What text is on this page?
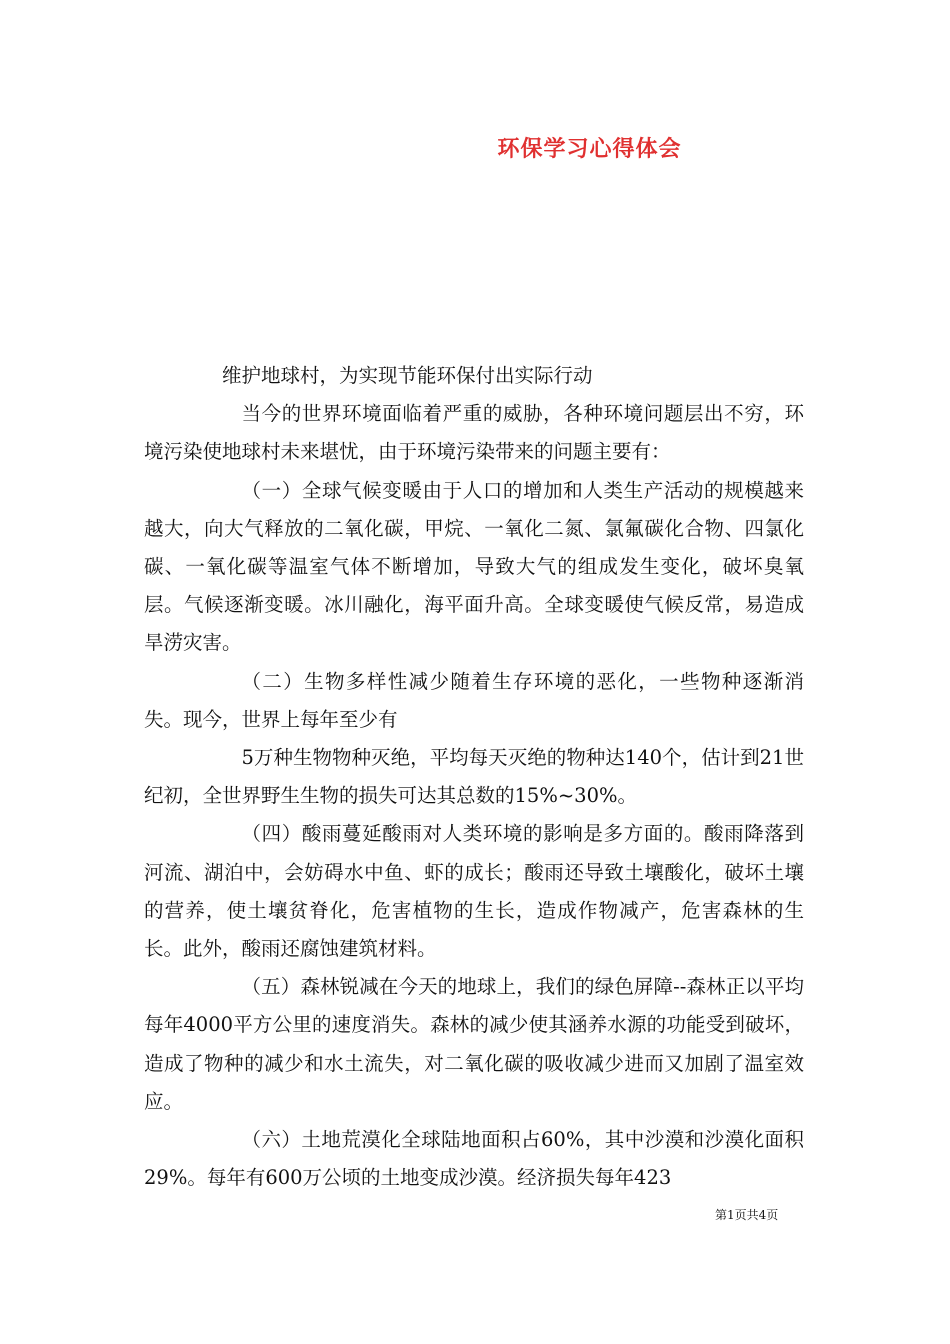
环保学习心得体会

维护地球村，为实现节能环保付出实际行动

当今的世界环境面临着严重的威胁，各种环境问题层出不穷，环境污染使地球村未来堪忧，由于环境污染带来的问题主要有：

（一）全球气候变暖由于人口的增加和人类生产活动的规模越来越大，向大气释放的二氧化碳，甲烷、一氧化二氮、氯氟碳化合物、四氯化碳、一氧化碳等温室气体不断增加，导致大气的组成发生变化，破坏臭氧层。气候逐渐变暖。冰川融化，海平面升高。全球变暖使气候反常，易造成旱涝灾害。

（二）生物多样性减少随着生存环境的恶化，一些物种逐渐消失。现今，世界上每年至少有

5万种生物物种灭绝，平均每天灭绝的物种达140个，估计到21世纪初，全世界野生生物的损失可达其总数的15%~30%。

（四）酸雨蔓延酸雨对人类环境的影响是多方面的。酸雨降落到河流、湖泊中，会妨碍水中鱼、虾的成长；酸雨还导致土壤酸化，破坏土壤的营养，使土壤贫脊化，危害植物的生长，造成作物减产，危害森林的生长。此外，酸雨还腐蚀建筑材料。

（五）森林锐减在今天的地球上，我们的绿色屏障--森林正以平均每年4000平方公里的速度消失。森林的减少使其涵养水源的功能受到破坏，造成了物种的减少和水土流失，对二氧化碳的吸收减少进而又加剧了温室效应。

（六）土地荒漠化全球陆地面积占60%，其中沙漠和沙漠化面积29%。每年有600万公顷的土地变成沙漠。经济损失每年423

第1页共4页
